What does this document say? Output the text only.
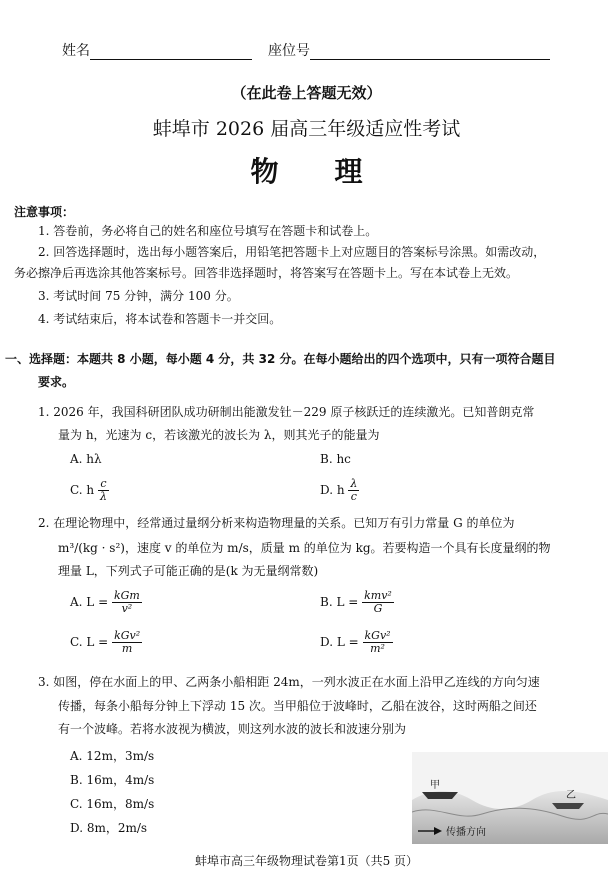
姓名	座位号
（在此卷上答题无效）
蚌埠市 2026 届高三年级适应性考试
物　　理
注意事项：
1. 答卷前，务必将自己的姓名和座位号填写在答题卡和试卷上。
2. 回答选择题时，选出每小题答案后，用铅笔把答题卡上对应题目的答案标号涂黑。如需改动，
务必擦净后再选涂其他答案标号。回答非选择题时，将答案写在答题卡上。写在本试卷上无效。
3. 考试时间 75 分钟，满分 100 分。
4. 考试结束后，将本试卷和答题卡一并交回。
一、选择题：本题共 8 小题，每小题 4 分，共 32 分。在每小题给出的四个选项中，只有一项符合题目
要求。
1. 2026 年，我国科研团队成功研制出能激发钍－229 原子核跃迁的连续激光。已知普朗克常
量为 h，光速为 c，若该激光的波长为 λ，则其光子的能量为
A. hλ	B. hc
C. h $\frac{c}{\lambda}$	D. h $\frac{\lambda}{c}$
2. 在理论物理中，经常通过量纲分析来构造物理量的关系。已知万有引力常量 G 的单位为
m³/(kg · s²)，速度 v 的单位为 m/s，质量 m 的单位为 kg。若要构造一个具有长度量纲的物
理量 L，下列式子可能正确的是(k 为无量纲常数)
A. $L = \frac{\text{kGm}}{\text{v²}}$	B. $L = \frac{\text{kmv²}}{G}$
C. $L = \frac{\text{kGv²}}{m}$	D. $L = \frac{\text{kGv²}}{\text{m²}}$
3. 如图，停在水面上的甲、乙两条小船相距 24m，一列水波正在水面上沿甲乙连线的方向匀速
传播，每条小船每分钟上下浮动 15 次。当甲船位于波峰时，乙船在波谷，这时两船之间还
有一个波峰。若将水波视为横波，则这列水波的波长和波速分别为
A. 12m，3m/s
B. 16m，4m/s
C. 16m，8m/s
D. 8m，2m/s
甲
乙
传播方向
蚌埠市高三年级物理试卷第1页（共5 页）
